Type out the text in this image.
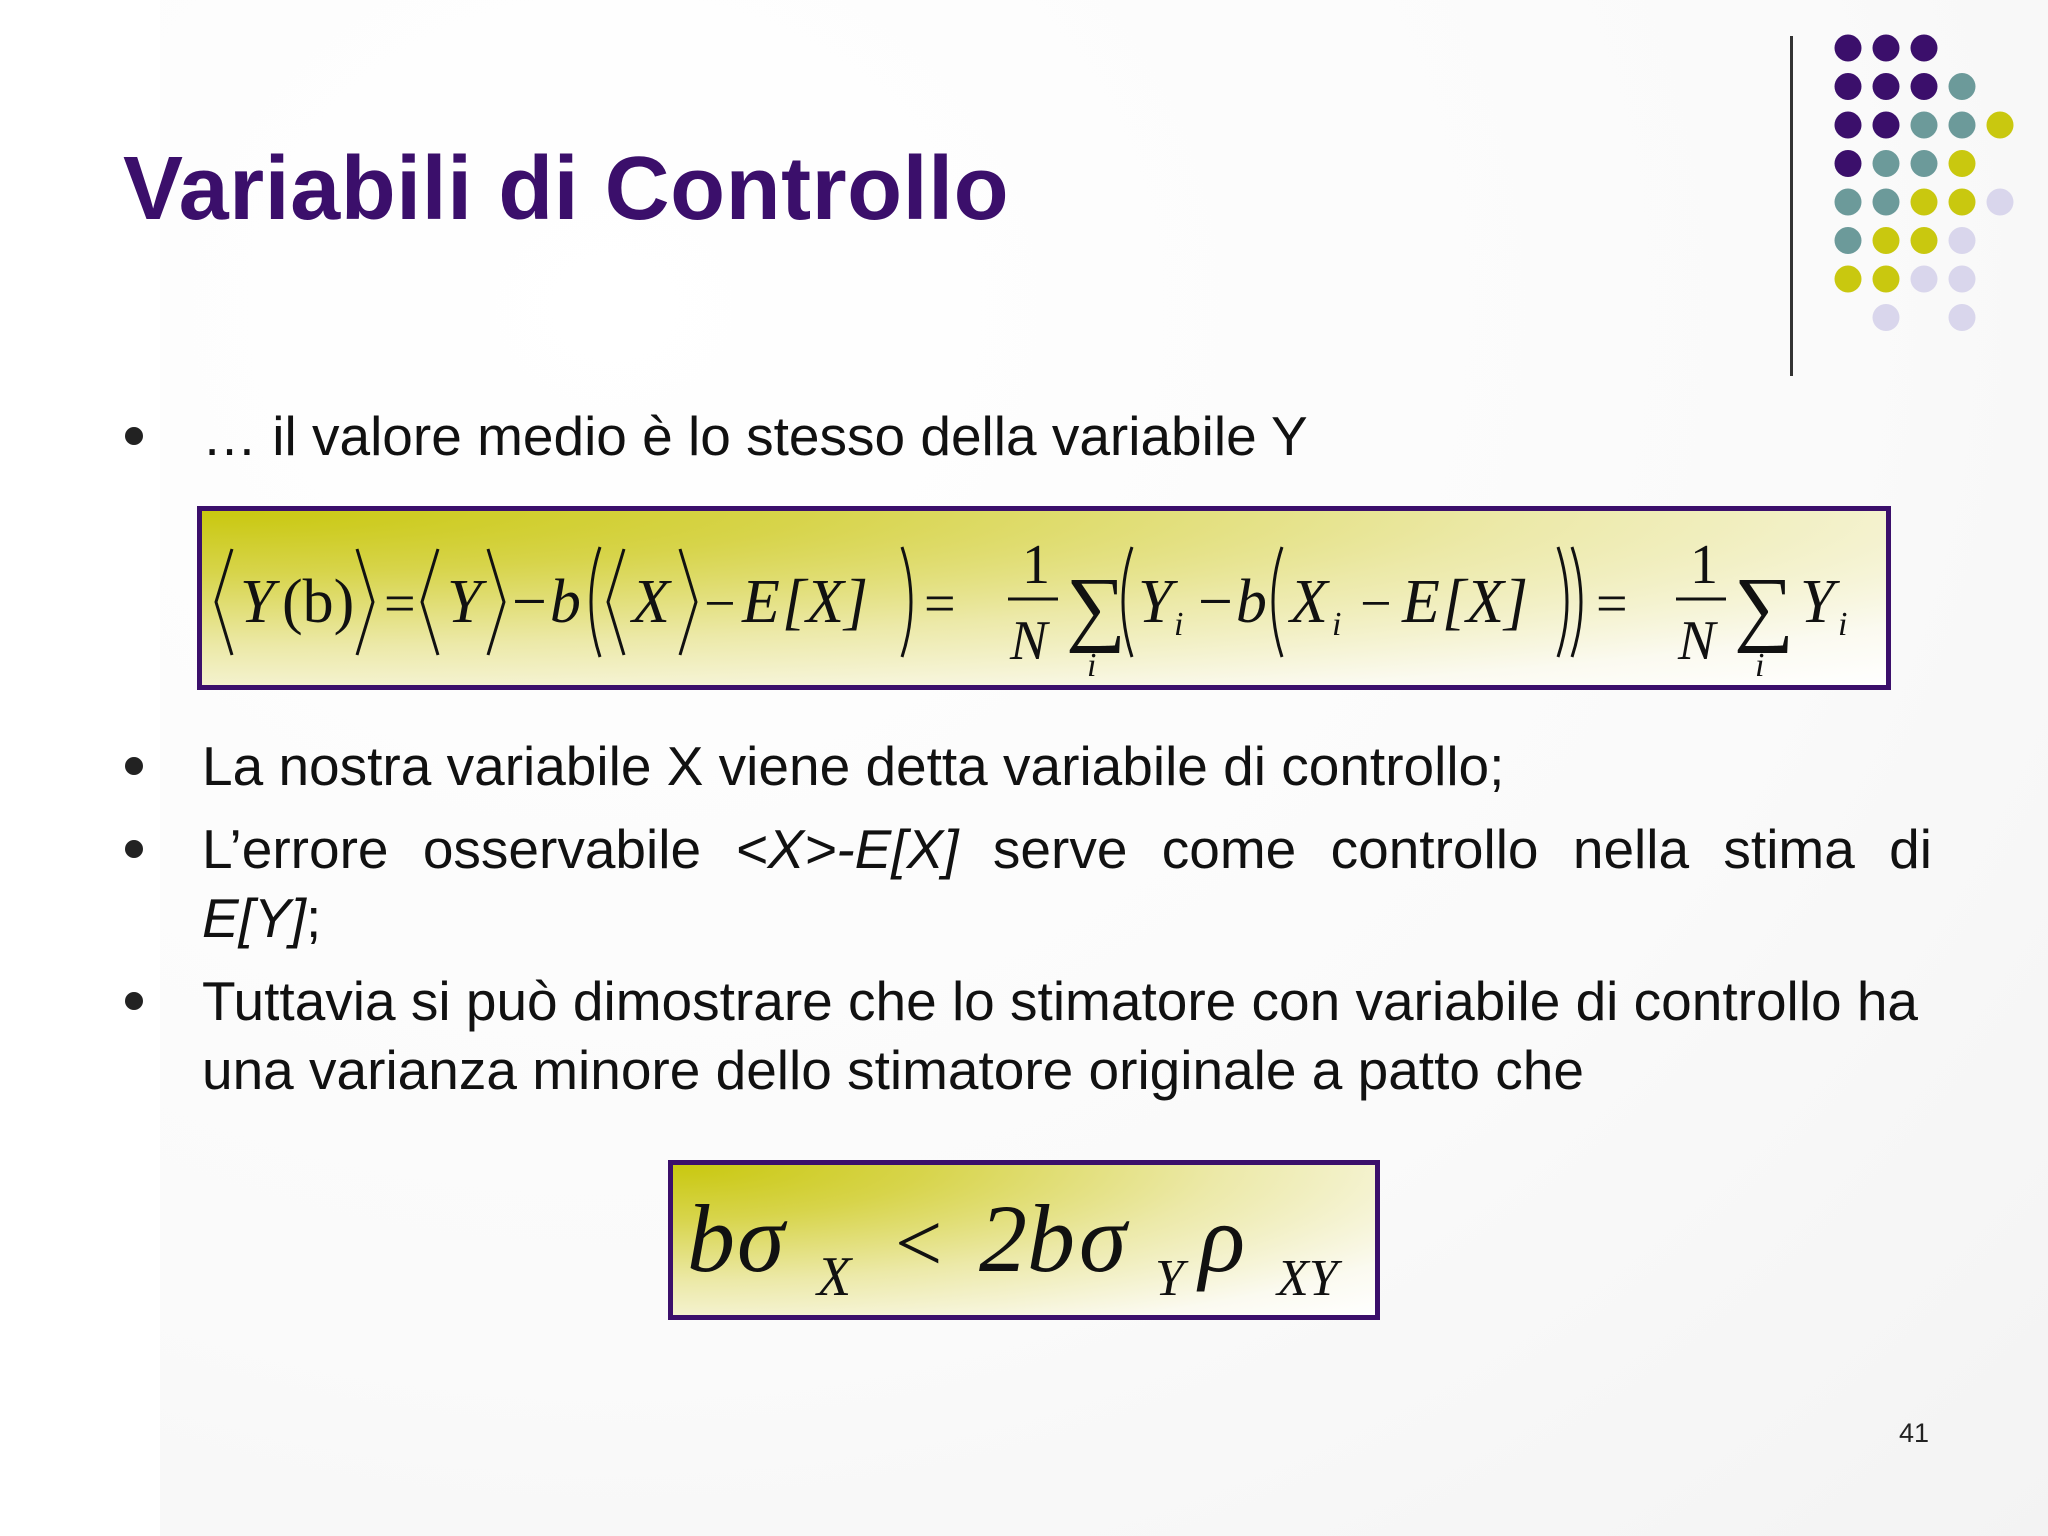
Variabili di Controllo
… il valore medio è lo stesso della variabile Y
Y (b) = Y −b X − E [X] =
1
N ∑
i
Y i −b X i − E [X] =
1
N ∑
i
Y i
La nostra variabile X viene detta variabile di controllo;
L’errore osservabile <X>-E[X] serve come controllo nella stima di
E[Y];
Tuttavia si può dimostrare che lo stimatore con variabile di controllo ha una varianza minore dello stimatore originale a patto che
b σ X < 2b σ Y ρ XY
41
